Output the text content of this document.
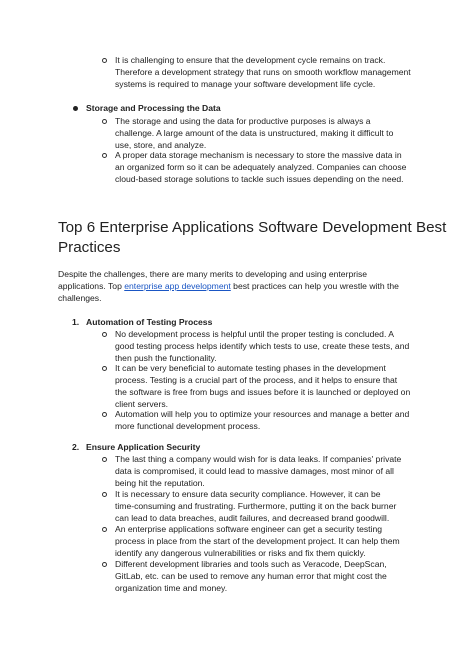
It is challenging to ensure that the development cycle remains on track.
Therefore a development strategy that runs on smooth workflow management
systems is required to manage your software development life cycle.
Storage and Processing the Data
The storage and using the data for productive purposes is always a
challenge. A large amount of the data is unstructured, making it difficult to
use, store, and analyze.
A proper data storage mechanism is necessary to store the massive data in
an organized form so it can be adequately analyzed. Companies can choose
cloud-based storage solutions to tackle such issues depending on the need.
Top 6 Enterprise Applications Software Development Best
Practices
Despite the challenges, there are many merits to developing and using enterprise
applications. Top enterprise app development best practices can help you wrestle with the
challenges.
1. Automation of Testing Process
No development process is helpful until the proper testing is concluded. A
good testing process helps identify which tests to use, create these tests, and
then push the functionality.
It can be very beneficial to automate testing phases in the development
process. Testing is a crucial part of the process, and it helps to ensure that
the software is free from bugs and issues before it is launched or deployed on
client servers.
Automation will help you to optimize your resources and manage a better and
more functional development process.
2. Ensure Application Security
The last thing a company would wish for is data leaks. If companies' private
data is compromised, it could lead to massive damages, most minor of all
being hit the reputation.
It is necessary to ensure data security compliance. However, it can be
time-consuming and frustrating. Furthermore, putting it on the back burner
can lead to data breaches, audit failures, and decreased brand goodwill.
An enterprise applications software engineer can get a security testing
process in place from the start of the development project. It can help them
identify any dangerous vulnerabilities or risks and fix them quickly.
Different development libraries and tools such as Veracode, DeepScan,
GitLab, etc. can be used to remove any human error that might cost the
organization time and money.
